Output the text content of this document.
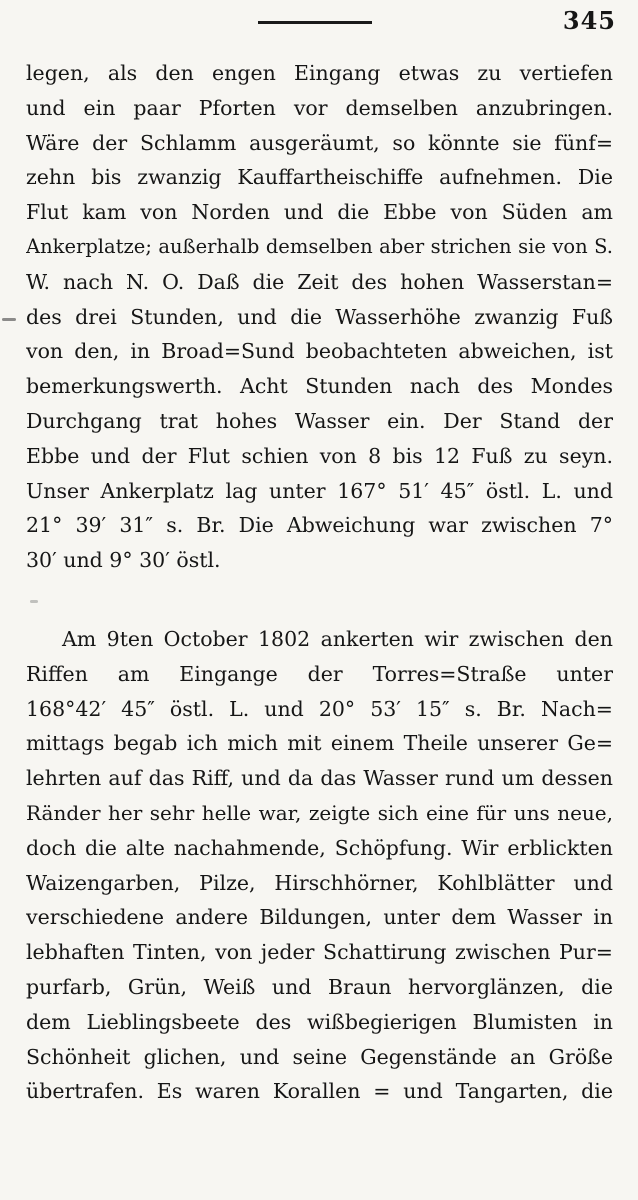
345
legen, als den engen Eingang etwas zu vertiefen
und ein paar Pforten vor demselben anzubringen.
Wäre der Schlamm ausgeräumt, so könnte sie fünf=
zehn bis zwanzig Kauffartheischiffe aufnehmen. Die
Flut kam von Norden und die Ebbe von Süden am
Ankerplatze; außerhalb demselben aber strichen sie von S.
W. nach N. O. Daß die Zeit des hohen Wasserstan=
des drei Stunden, und die Wasserhöhe zwanzig Fuß
von den, in Broad=Sund beobachteten abweichen, ist
bemerkungswerth. Acht Stunden nach des Mondes
Durchgang trat hohes Wasser ein. Der Stand der
Ebbe und der Flut schien von 8 bis 12 Fuß zu seyn.
Unser Ankerplatz lag unter 167° 51′ 45″ östl. L. und
21° 39′ 31″ s. Br. Die Abweichung war zwischen 7°
30′ und 9° 30′ östl.
Am 9ten October 1802 ankerten wir zwischen den
Riffen am Eingange der Torres=Straße unter
168°42′ 45″ östl. L. und 20° 53′ 15″ s. Br. Nach=
mittags begab ich mich mit einem Theile unserer Ge=
lehrten auf das Riff, und da das Wasser rund um dessen
Ränder her sehr helle war, zeigte sich eine für uns neue,
doch die alte nachahmende, Schöpfung. Wir erblickten
Waizengarben, Pilze, Hirschhörner, Kohlblätter und
verschiedene andere Bildungen, unter dem Wasser in
lebhaften Tinten, von jeder Schattirung zwischen Pur=
purfarb, Grün, Weiß und Braun hervorglänzen, die
dem Lieblingsbeete des wißbegierigen Blumisten in
Schönheit glichen, und seine Gegenstände an Größe
übertrafen. Es waren Korallen = und Tangarten, die
